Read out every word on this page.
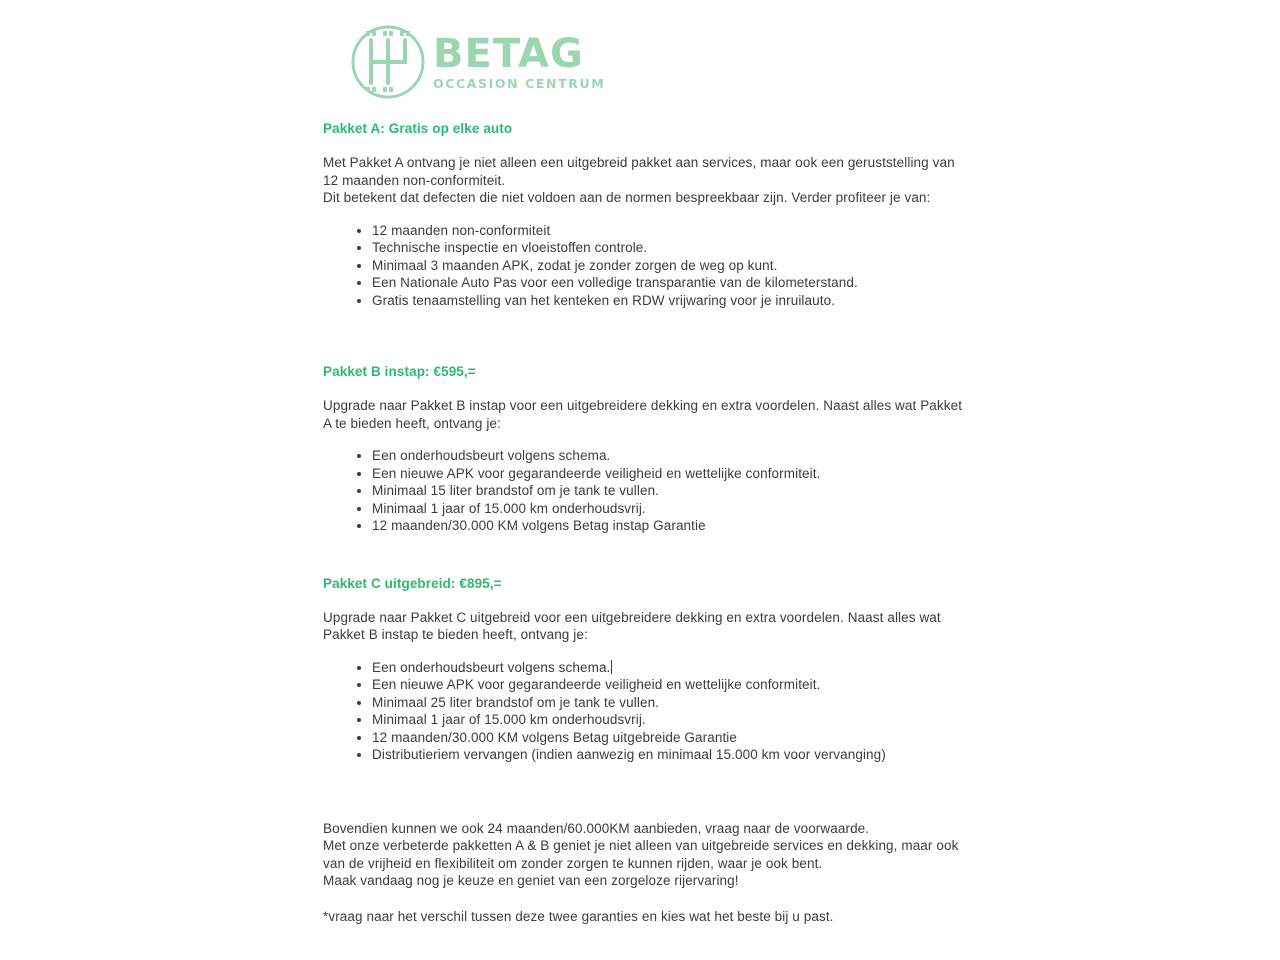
BETAG
OCCASION CENTRUM
Pakket A: Gratis op elke auto
Met Pakket A ontvang je niet alleen een uitgebreid pakket aan services, maar ook een geruststelling van 12 maanden non-conformiteit.
Dit betekent dat defecten die niet voldoen aan de normen bespreekbaar zijn. Verder profiteer je van:
• 12 maanden non-conformiteit
• Technische inspectie en vloeistoffen controle.
• Minimaal 3 maanden APK, zodat je zonder zorgen de weg op kunt.
• Een Nationale Auto Pas voor een volledige transparantie van de kilometerstand.
• Gratis tenaamstelling van het kenteken en RDW vrijwaring voor je inruilauto.
Pakket B instap: €595,=
Upgrade naar Pakket B instap voor een uitgebreidere dekking en extra voordelen. Naast alles wat Pakket A te bieden heeft, ontvang je:
• Een onderhoudsbeurt volgens schema.
• Een nieuwe APK voor gegarandeerde veiligheid en wettelijke conformiteit.
• Minimaal 15 liter brandstof om je tank te vullen.
• Minimaal 1 jaar of 15.000 km onderhoudsvrij.
• 12 maanden/30.000 KM volgens Betag instap Garantie
Pakket C uitgebreid: €895,=
Upgrade naar Pakket C uitgebreid voor een uitgebreidere dekking en extra voordelen. Naast alles wat Pakket B instap te bieden heeft, ontvang je:
• Een onderhoudsbeurt volgens schema.
• Een nieuwe APK voor gegarandeerde veiligheid en wettelijke conformiteit.
• Minimaal 25 liter brandstof om je tank te vullen.
• Minimaal 1 jaar of 15.000 km onderhoudsvrij.
• 12 maanden/30.000 KM volgens Betag uitgebreide Garantie
• Distributieriem vervangen (indien aanwezig en minimaal 15.000 km voor vervanging)
Bovendien kunnen we ook 24 maanden/60.000KM aanbieden, vraag naar de voorwaarde.
Met onze verbeterde pakketten A & B geniet je niet alleen van uitgebreide services en dekking, maar ook van de vrijheid en flexibiliteit om zonder zorgen te kunnen rijden, waar je ook bent.
Maak vandaag nog je keuze en geniet van een zorgeloze rijervaring!
*vraag naar het verschil tussen deze twee garanties en kies wat het beste bij u past.
